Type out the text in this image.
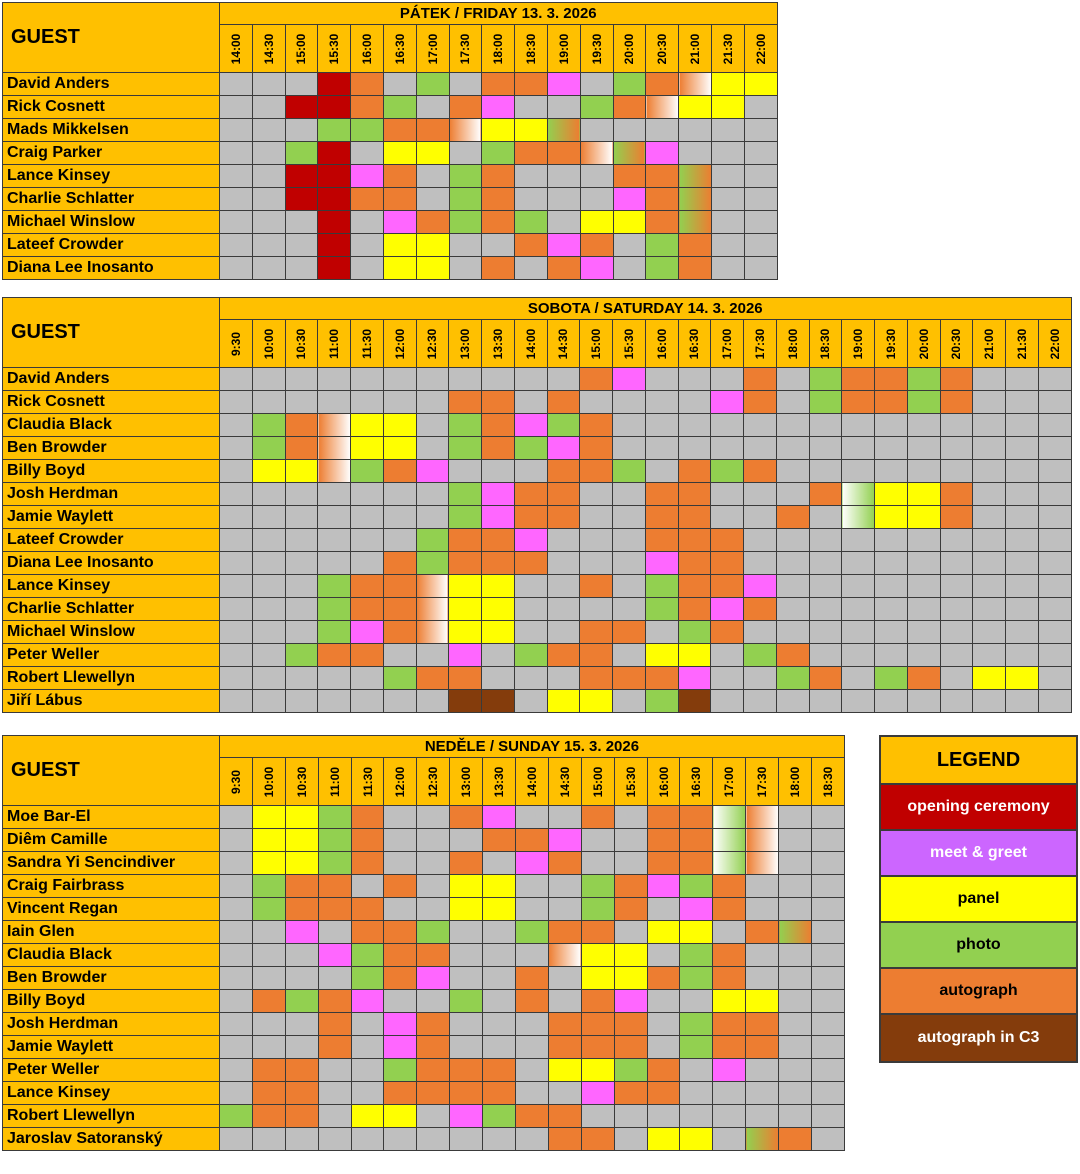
GUEST	PÁTEK / FRIDAY 13. 3. 2026																

	14:00	14:30	15:00	15:30	16:00	16:30	17:00	17:30	18:00	18:30	19:00	19:30	20:00	20:30	21:00	21:30	22:00

David Anders																	
Rick Cosnett																	
Mads Mikkelsen																	
Craig Parker																	
Lance Kinsey																	
Charlie Schlatter																	
Michael Winslow																	
Lateef Crowder																	
Diana Lee Inosanto																	
GUEST	SOBOTA / SATURDAY 14. 3. 2026																									

	9:30	10:00	10:30	11:00	11:30	12:00	12:30	13:00	13:30	14:00	14:30	15:00	15:30	16:00	16:30	17:00	17:30	18:00	18:30	19:00	19:30	20:00	20:30	21:00	21:30	22:00

David Anders																										
Rick Cosnett																										
Claudia Black																										
Ben Browder																										
Billy Boyd																										
Josh Herdman																										
Jamie Waylett																										
Lateef Crowder																										
Diana Lee Inosanto																										
Lance Kinsey																										
Charlie Schlatter																										
Michael Winslow																										
Peter Weller																										
Robert Llewellyn																										
Jiří Lábus																										
GUEST	NEDĚLE / SUNDAY 15. 3. 2026																		

	9:30	10:00	10:30	11:00	11:30	12:00	12:30	13:00	13:30	14:00	14:30	15:00	15:30	16:00	16:30	17:00	17:30	18:00	18:30

Moe Bar-El																			
Diêm Camille																			
Sandra Yi Sencindiver																			
Craig Fairbrass																			
Vincent Regan																			
Iain Glen																			
Claudia Black																			
Ben Browder																			
Billy Boyd																			
Josh Herdman																			
Jamie Waylett																			
Peter Weller																			
Lance Kinsey																			
Robert Llewellyn																			
Jaroslav Satoranský																			
LEGEND
opening ceremony
meet & greet
panel
photo
autograph
autograph in C3
